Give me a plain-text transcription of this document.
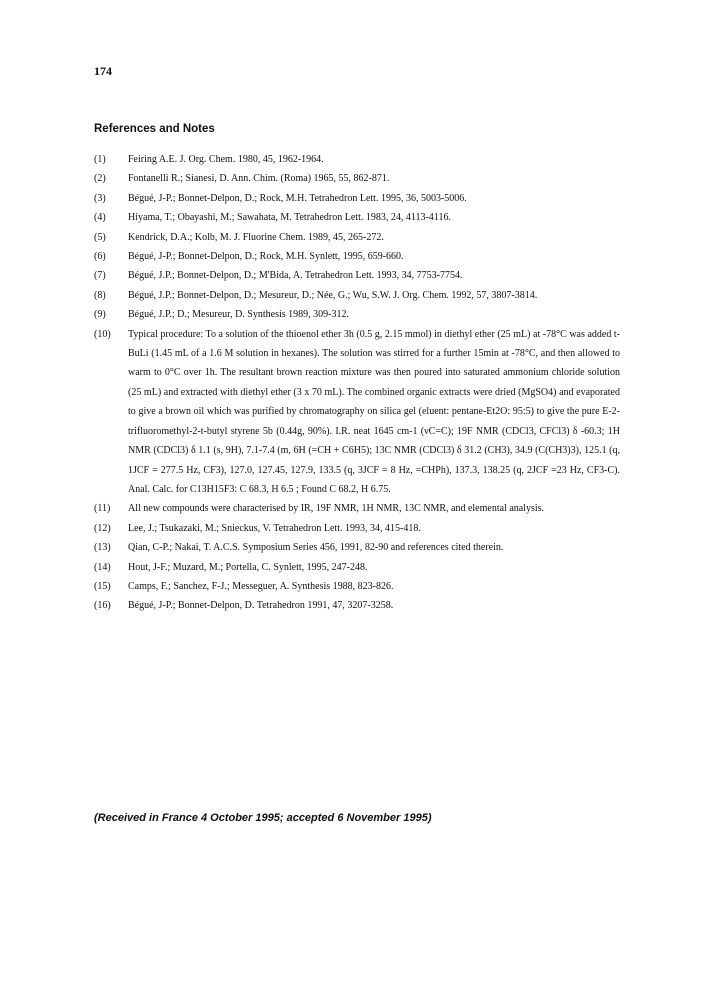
174
References and Notes
(1)	Feiring A.E. J. Org. Chem. 1980, 45, 1962-1964.
(2)	Fontanelli R.; Sianesi, D. Ann. Chim. (Roma) 1965, 55, 862-871.
(3)	Bégué, J-P.; Bonnet-Delpon, D.; Rock, M.H. Tetrahedron Lett. 1995, 36, 5003-5006.
(4)	Hiyama, T.; Obayashi, M.; Sawahata, M. Tetrahedron Lett. 1983, 24, 4113-4116.
(5)	Kendrick, D.A.; Kolb, M. J. Fluorine Chem. 1989, 45, 265-272.
(6)	Bégué, J-P.; Bonnet-Delpon, D.; Rock, M.H. Synlett, 1995, 659-660.
(7)	Bégué, J.P.; Bonnet-Delpon, D.; M'Bida, A. Tetrahedron Lett. 1993, 34, 7753-7754.
(8)	Bégué, J.P.; Bonnet-Delpon, D.; Mesureur, D.; Née, G.; Wu, S.W. J. Org. Chem. 1992, 57, 3807-3814.
(9)	Bégué, J.P.; D.; Mesureur, D. Synthesis 1989, 309-312.
(10)	Typical procedure: To a solution of the thioenol ether 3h (0.5 g, 2.15 mmol) in diethyl ether (25 mL) at -78°C was added t-BuLi (1.45 mL of a 1.6 M solution in hexanes). The solution was stirred for a further 15min at -78°C, and then allowed to warm to 0°C over 1h. The resultant brown reaction mixture was then poured into saturated ammonium chloride solution (25 mL) and extracted with diethyl ether (3 x 70 mL). The combined organic extracts were dried (MgSO4) and evaporated to give a brown oil which was purified by chromatography on silica gel (eluent: pentane-Et2O: 95:5) to give the pure E-2-trifluoromethyl-2-t-butyl styrene 5b (0.44g, 90%). I.R. neat 1645 cm-1 (νC=C); 19F NMR (CDCl3, CFCl3) δ -60.3; 1H NMR (CDCl3) δ 1.1 (s, 9H), 7.1-7.4 (m, 6H (=CH + C6H5); 13C NMR (CDCl3) δ 31.2 (CH3), 34.9 (C(CH3)3), 125.1 (q, 1JCF = 277.5 Hz, CF3), 127.0, 127.45, 127.9, 133.5 (q, 3JCF = 8 Hz, =CHPh), 137.3, 138.25 (q, 2JCF =23 Hz, CF3-C). Anal. Calc. for C13H15F3: C 68.3, H 6.5 ; Found C 68.2, H 6.75.
(11)	All new compounds were characterised by IR, 19F NMR, 1H NMR, 13C NMR, and elemental analysis.
(12)	Lee, J.; Tsukazaki, M.; Snieckus, V. Tetrahedron Lett. 1993, 34, 415-418.
(13)	Qian, C-P.; Nakai, T. A.C.S. Symposium Series 456, 1991, 82-90 and references cited therein.
(14)	Hout, J-F.; Muzard, M.; Portella, C. Synlett, 1995, 247-248.
(15)	Camps, F.; Sanchez, F-J.; Messeguer, A. Synthesis 1988, 823-826.
(16)	Bégué, J-P.; Bonnet-Delpon, D. Tetrahedron 1991, 47, 3207-3258.
(Received in France 4 October 1995; accepted 6 November 1995)
